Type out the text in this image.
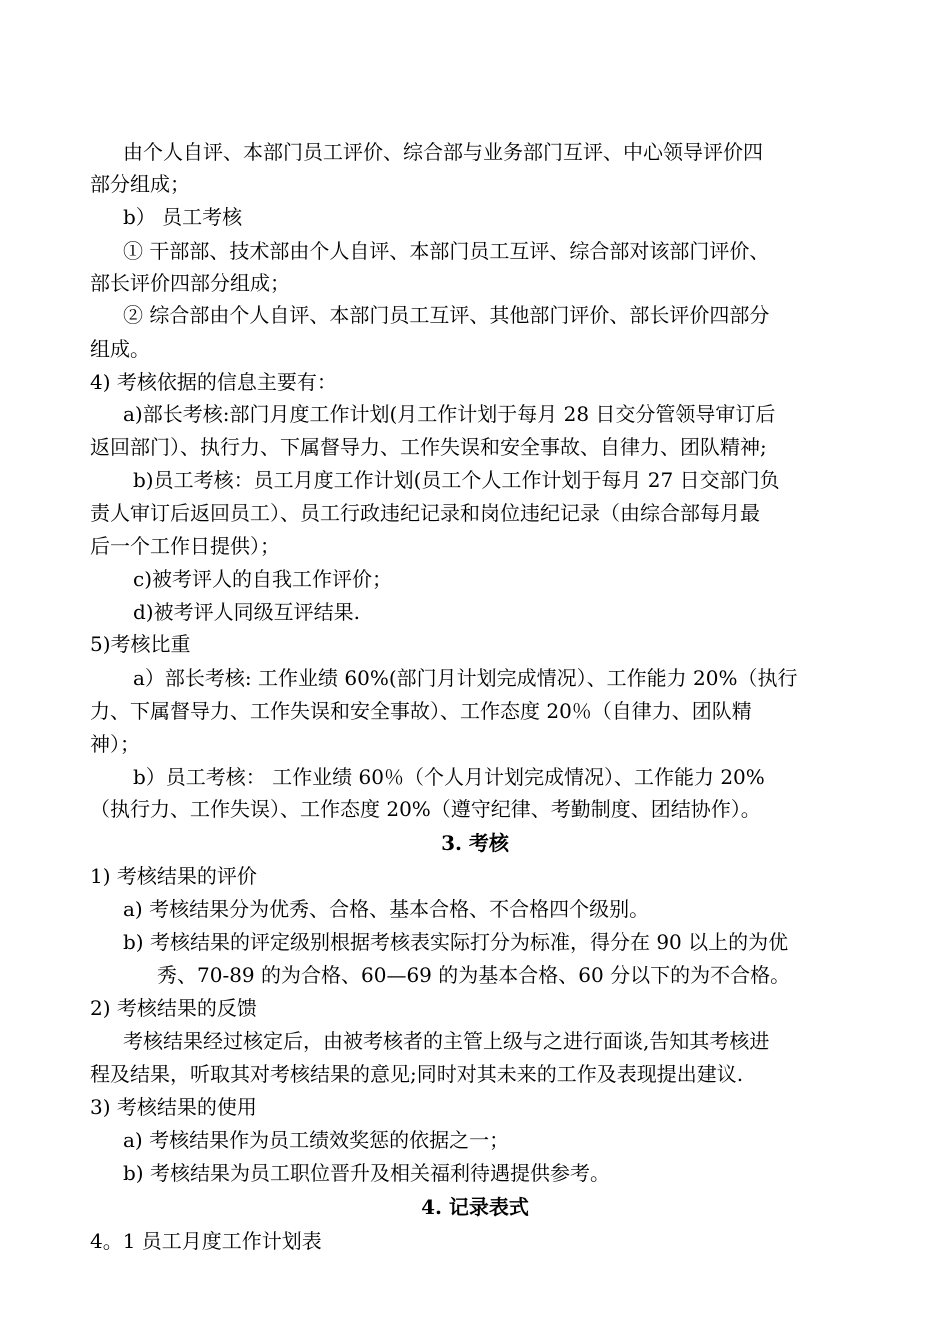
由个人自评、本部门员工评价、综合部与业务部门互评、中心领导评价四
部分组成；
b） 员工考核
① 干部部、技术部由个人自评、本部门员工互评、综合部对该部门评价、
部长评价四部分组成；
② 综合部由个人自评、本部门员工互评、其他部门评价、部长评价四部分
组成。
4) 考核依据的信息主要有：
a)部长考核:部门月度工作计划(月工作计划于每月 28 日交分管领导审订后
返回部门）、执行力、下属督导力、工作失误和安全事故、自律力、团队精神;
b)员工考核：员工月度工作计划(员工个人工作计划于每月 27 日交部门负
责人审订后返回员工）、员工行政违纪记录和岗位违纪记录（由综合部每月最
后一个工作日提供）；
c)被考评人的自我工作评价；
d)被考评人同级互评结果.
5)考核比重
a）部长考核: 工作业绩 60%(部门月计划完成情况）、工作能力 20%（执行
力、下属督导力、工作失误和安全事故）、工作态度 20％（自律力、团队精
神）；
b）员工考核： 工作业绩 60％（个人月计划完成情况）、工作能力 20%
（执行力、工作失误）、工作态度 20%（遵守纪律、考勤制度、团结协作）。
3. 考核
1) 考核结果的评价
a) 考核结果分为优秀、合格、基本合格、不合格四个级别。
b) 考核结果的评定级别根据考核表实际打分为标准，得分在 90 以上的为优
秀、70-89 的为合格、60—69 的为基本合格、60 分以下的为不合格。
2) 考核结果的反馈
考核结果经过核定后，由被考核者的主管上级与之进行面谈,告知其考核进
程及结果，听取其对考核结果的意见;同时对其未来的工作及表现提出建议.
3) 考核结果的使用
a) 考核结果作为员工绩效奖惩的依据之一；
b) 考核结果为员工职位晋升及相关福利待遇提供参考。
4. 记录表式
4。1 员工月度工作计划表
